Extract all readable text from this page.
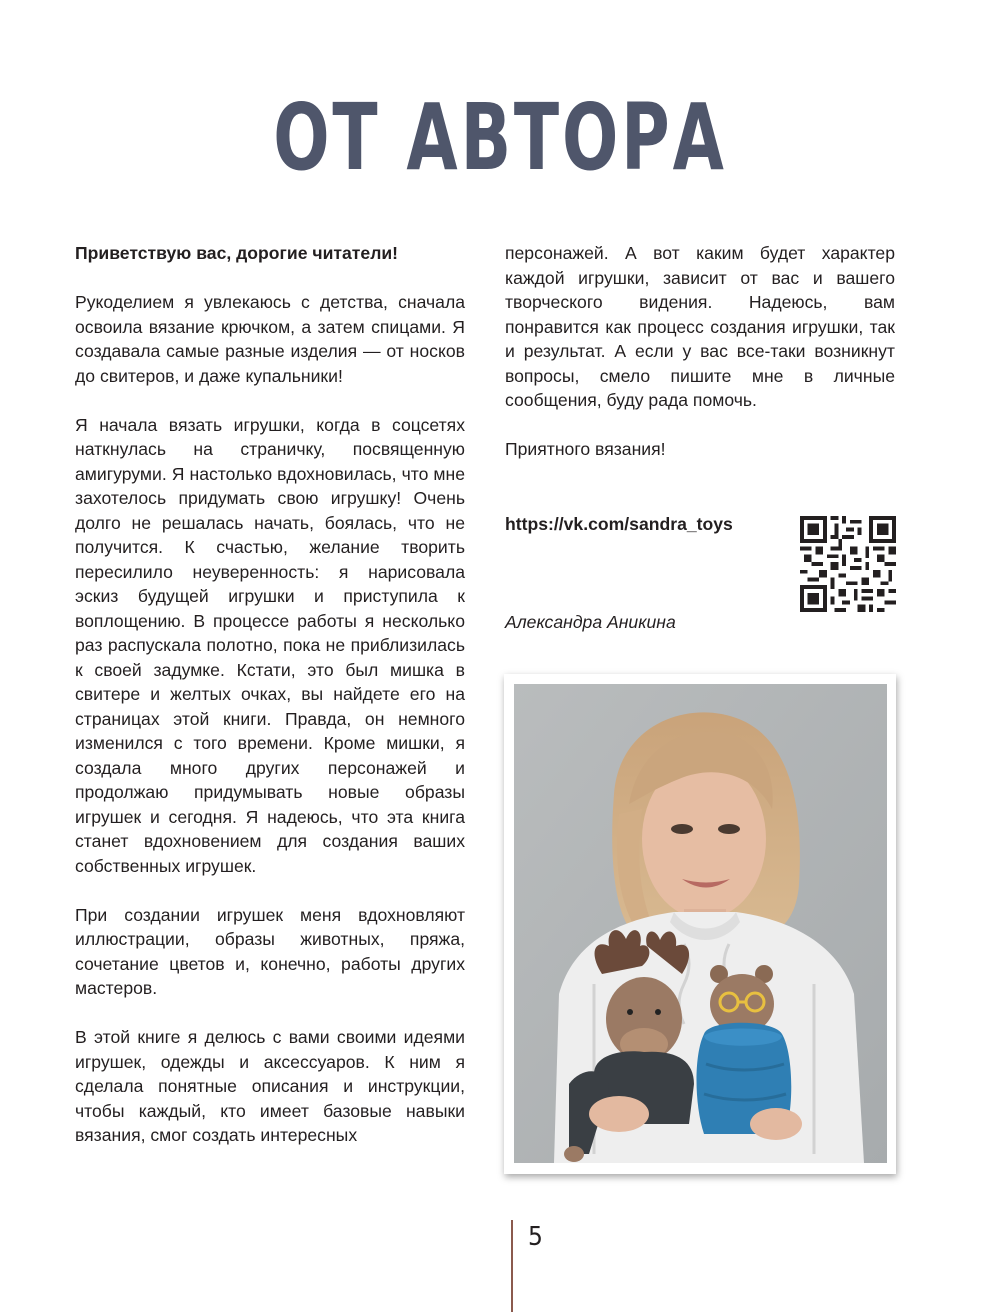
ОТ АВТОРА

Приветствую вас, дорогие читатели!

Рукоделием я увлекаюсь с детства, сначала освоила вязание крючком, а затем спицами. Я создавала самые разные изделия — от носков до свитеров, и даже купальники!

Я начала вязать игрушки, когда в соцсетях наткнулась на страничку, посвященную амигуруми. Я настолько вдохновилась, что мне захотелось придумать свою игрушку! Очень долго не решалась начать, боялась, что не получится. К счастью, желание творить пересилило неуверенность: я нарисовала эскиз будущей игрушки и приступила к воплощению. В процессе работы я несколько раз распускала полотно, пока не приблизилась к своей задумке. Кстати, это был мишка в свитере и желтых очках, вы найдете его на страницах этой книги. Правда, он немного изменился с того времени. Кроме мишки, я создала много других персонажей и продолжаю придумывать новые образы игрушек и сегодня. Я надеюсь, что эта книга станет вдохновением для создания ваших собственных игрушек.

При создании игрушек меня вдохновляют иллюстрации, образы животных, пряжа, сочетание цветов и, конечно, работы других мастеров.

В этой книге я делюсь с вами своими идеями игрушек, одежды и аксессуаров. К ним я сделала понятные описания и инструкции, чтобы каждый, кто имеет базовые навыки вязания, смог создать интересных

персонажей. А вот каким будет характер каждой игрушки, зависит от вас и вашего творческого видения. Надеюсь, вам понравится как процесс создания игрушки, так и результат. А если у вас все-таки возникнут вопросы, смело пишите мне в личные сообщения, буду рада помочь.

Приятного вязания!

https://vk.com/sandra_toys
Александра Аникина
5
